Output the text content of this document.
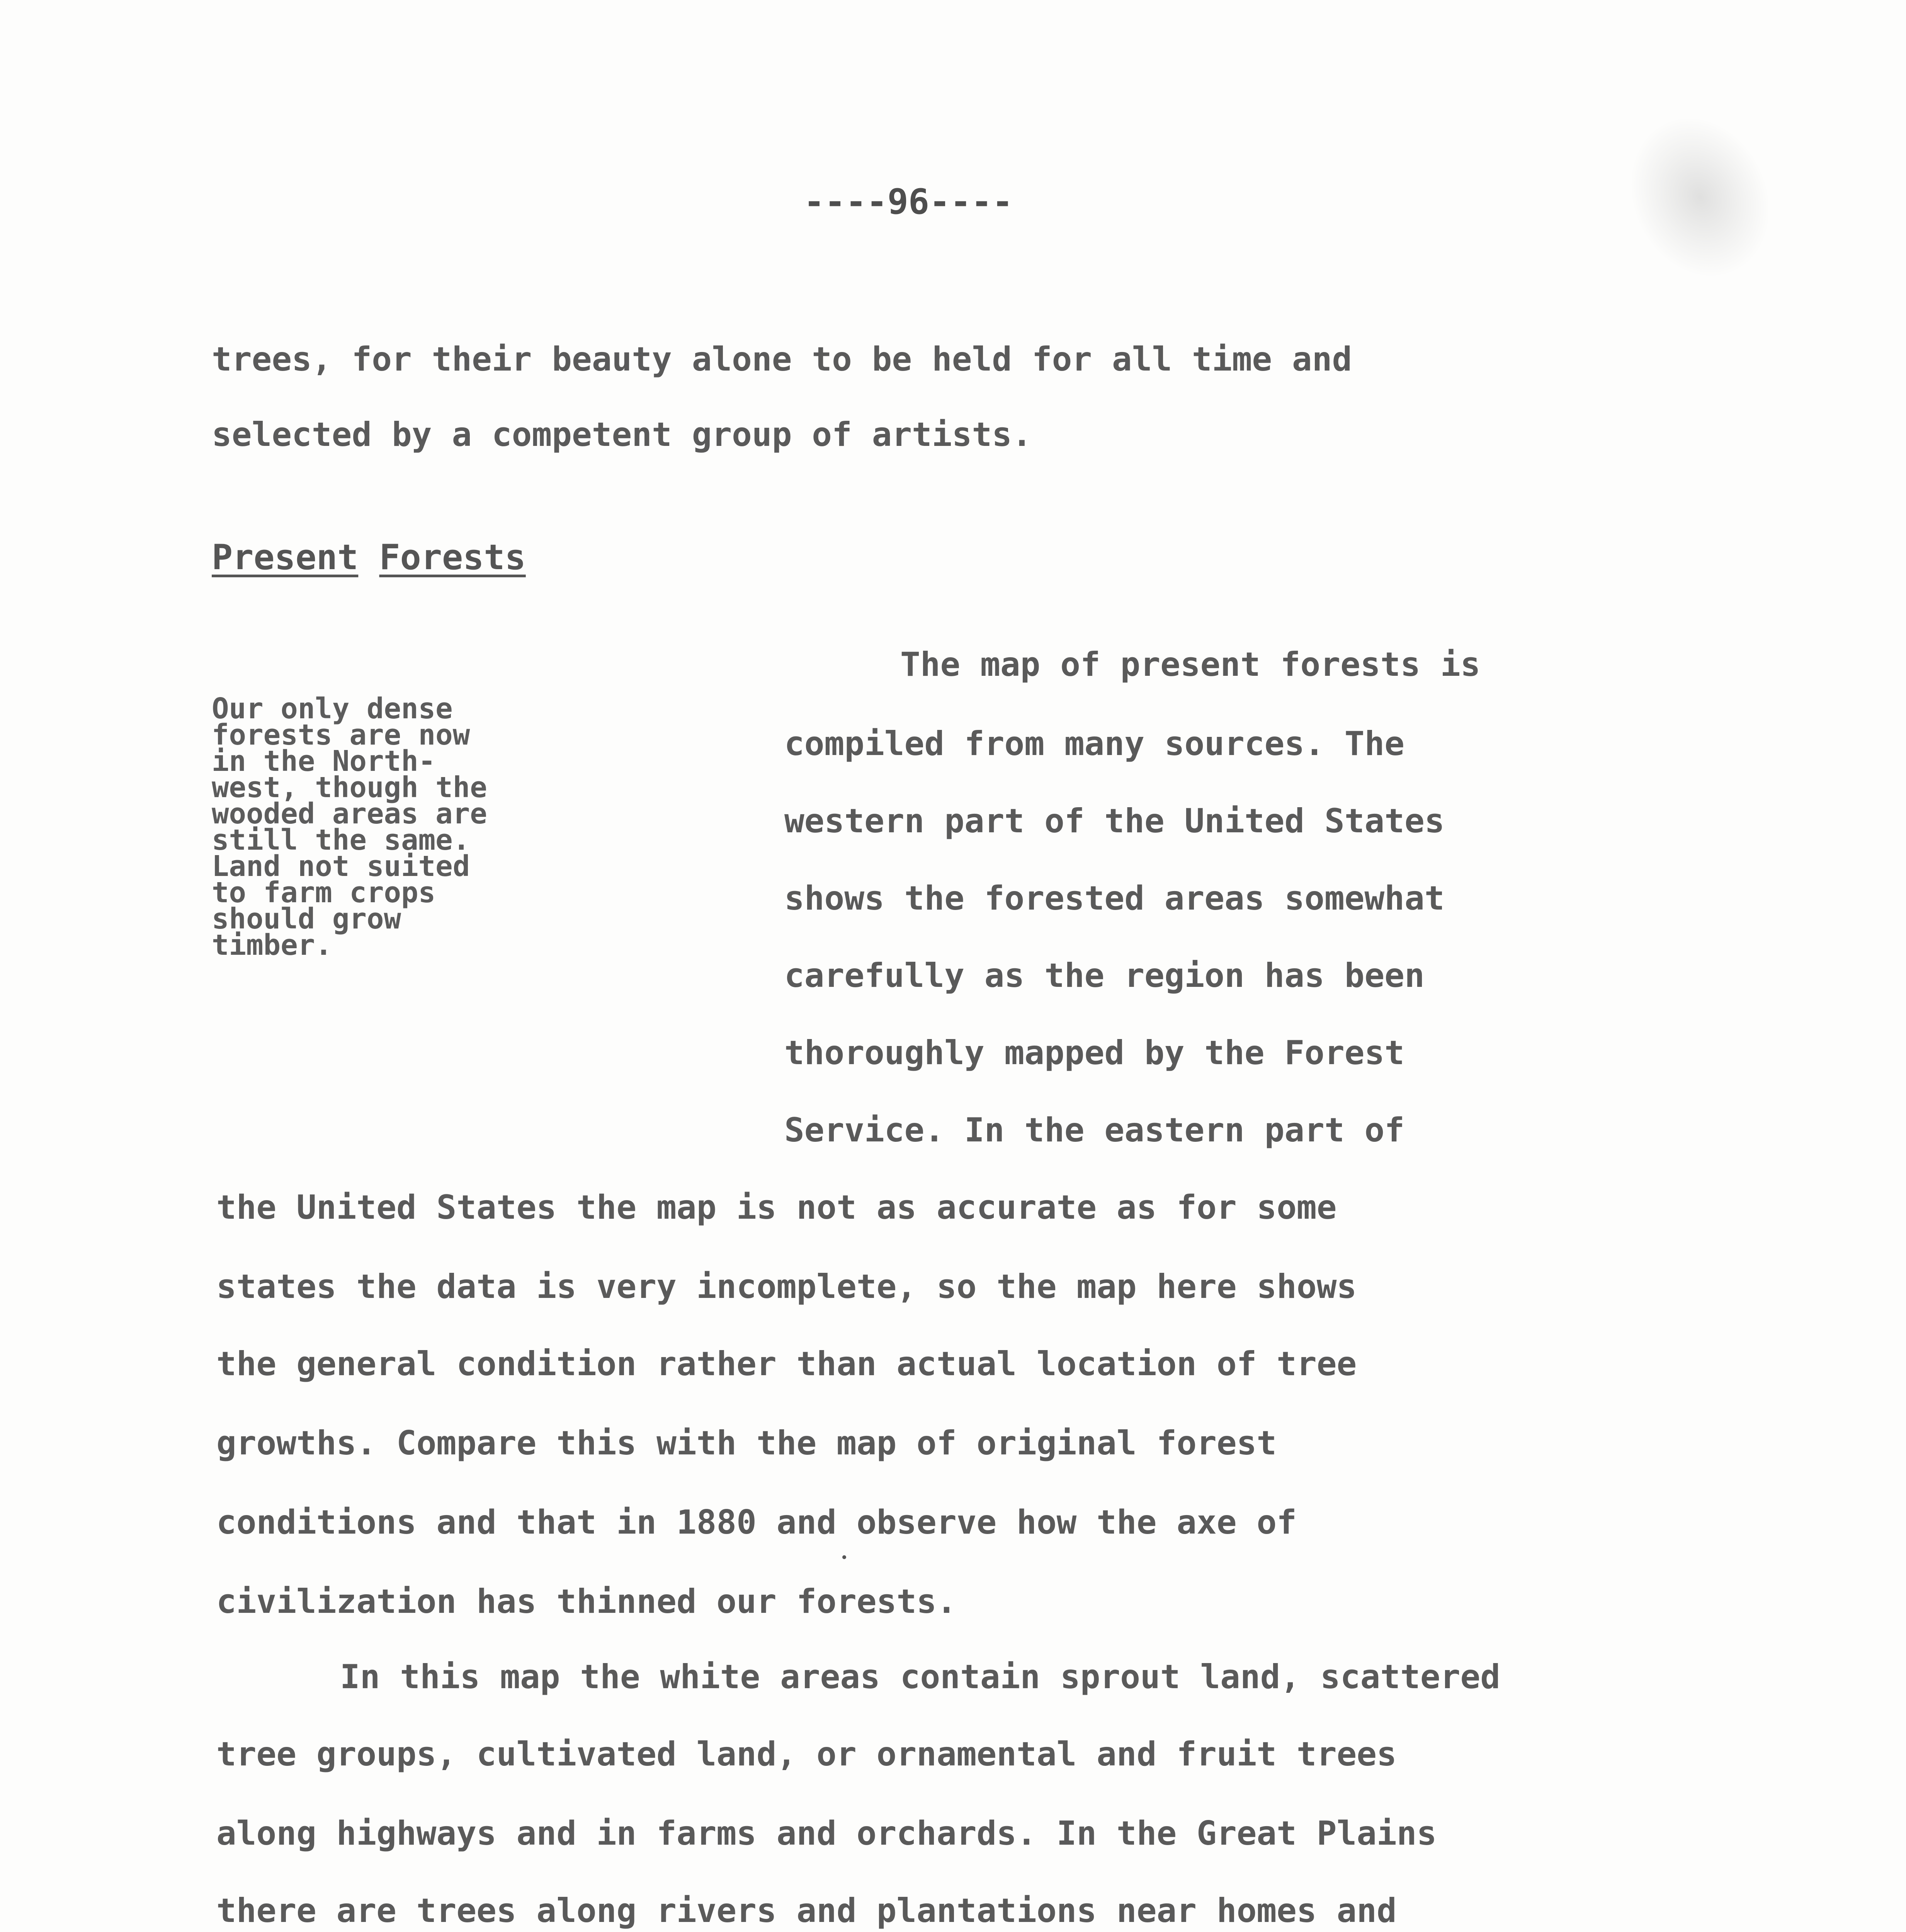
----96----
trees, for their beauty alone to be held for all time and
selected by a competent group of artists.
Present Forests
Our only dense
forests are now
in the North-
west, though the
wooded areas are
still the same.
Land not suited
to farm crops
should grow
timber.
The map of present forests is
compiled from many sources. The
western part of the United States
shows the forested areas somewhat
carefully as the region has been
thoroughly mapped by the Forest
Service. In the eastern part of
the United States the map is not as accurate as for some
states the data is very incomplete, so the map here shows
the general condition rather than actual location of tree
growths. Compare this with the map of original forest
conditions and that in 1880 and observe how the axe of
civilization has thinned our forests.
In this map the white areas contain sprout land, scattered
tree groups, cultivated land, or ornamental and fruit trees
along highways and in farms and orchards. In the Great Plains
there are trees along rivers and plantations near homes and
